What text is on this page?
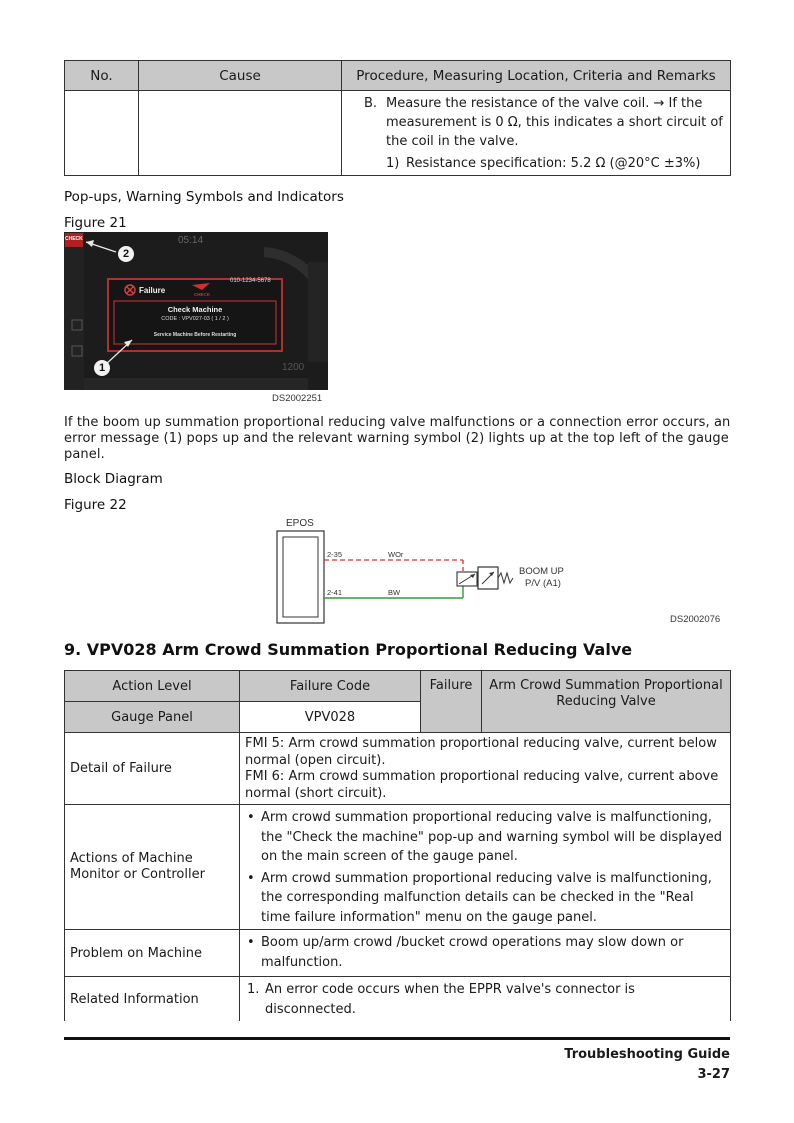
No.	Cause	Procedure, Measuring Location, Criteria and Remarks

		B. Measure the resistance of the valve coil. → If the measurement is 0 Ω, this indicates a short circuit of the coil in the valve.
1) Resistance specification: 5.2 Ω (@20°C ±3%)
Pop-ups, Warning Symbols and Indicators
Figure 21
CHECK	05:14
2
1
010-1234-5678
Failure	CHECK
Check Machine
CODE : VPV027-03 ( 1 / 2 )
Service Machine Before Restarting
1200
DS2002251
If the boom up summation proportional reducing valve malfunctions or a connection error occurs, an error message (1) pops up and the relevant warning symbol (2) lights up at the top left of the gauge panel.
Block Diagram
Figure 22
EPOS
2-35	WOr
2-41	BW
BOOM UP
P/V (A1)
DS2002076
9. VPV028 Arm Crowd Summation Proportional Reducing Valve
Action Level	Failure Code	Failure	Arm Crowd Summation Proportional Reducing Valve
Gauge Panel	VPV028		
Detail of Failure	FMI 5: Arm crowd summation proportional reducing valve, current below normal (open circuit).
FMI 6: Arm crowd summation proportional reducing valve, current above normal (short circuit).		

Actions of Machine Monitor or Controller	• Arm crowd summation proportional reducing valve is malfunctioning, the "Check the machine" pop-up and warning symbol will be displayed on the main screen of the gauge panel.
• Arm crowd summation proportional reducing valve is malfunctioning, the corresponding malfunction details can be checked in the "Real time failure information" menu on the gauge panel.		

Problem on Machine	• Boom up/arm crowd /bucket crowd operations may slow down or malfunction.		

Related Information	1. An error code occurs when the EPPR valve's connector is disconnected.		
Troubleshooting Guide
3-27
